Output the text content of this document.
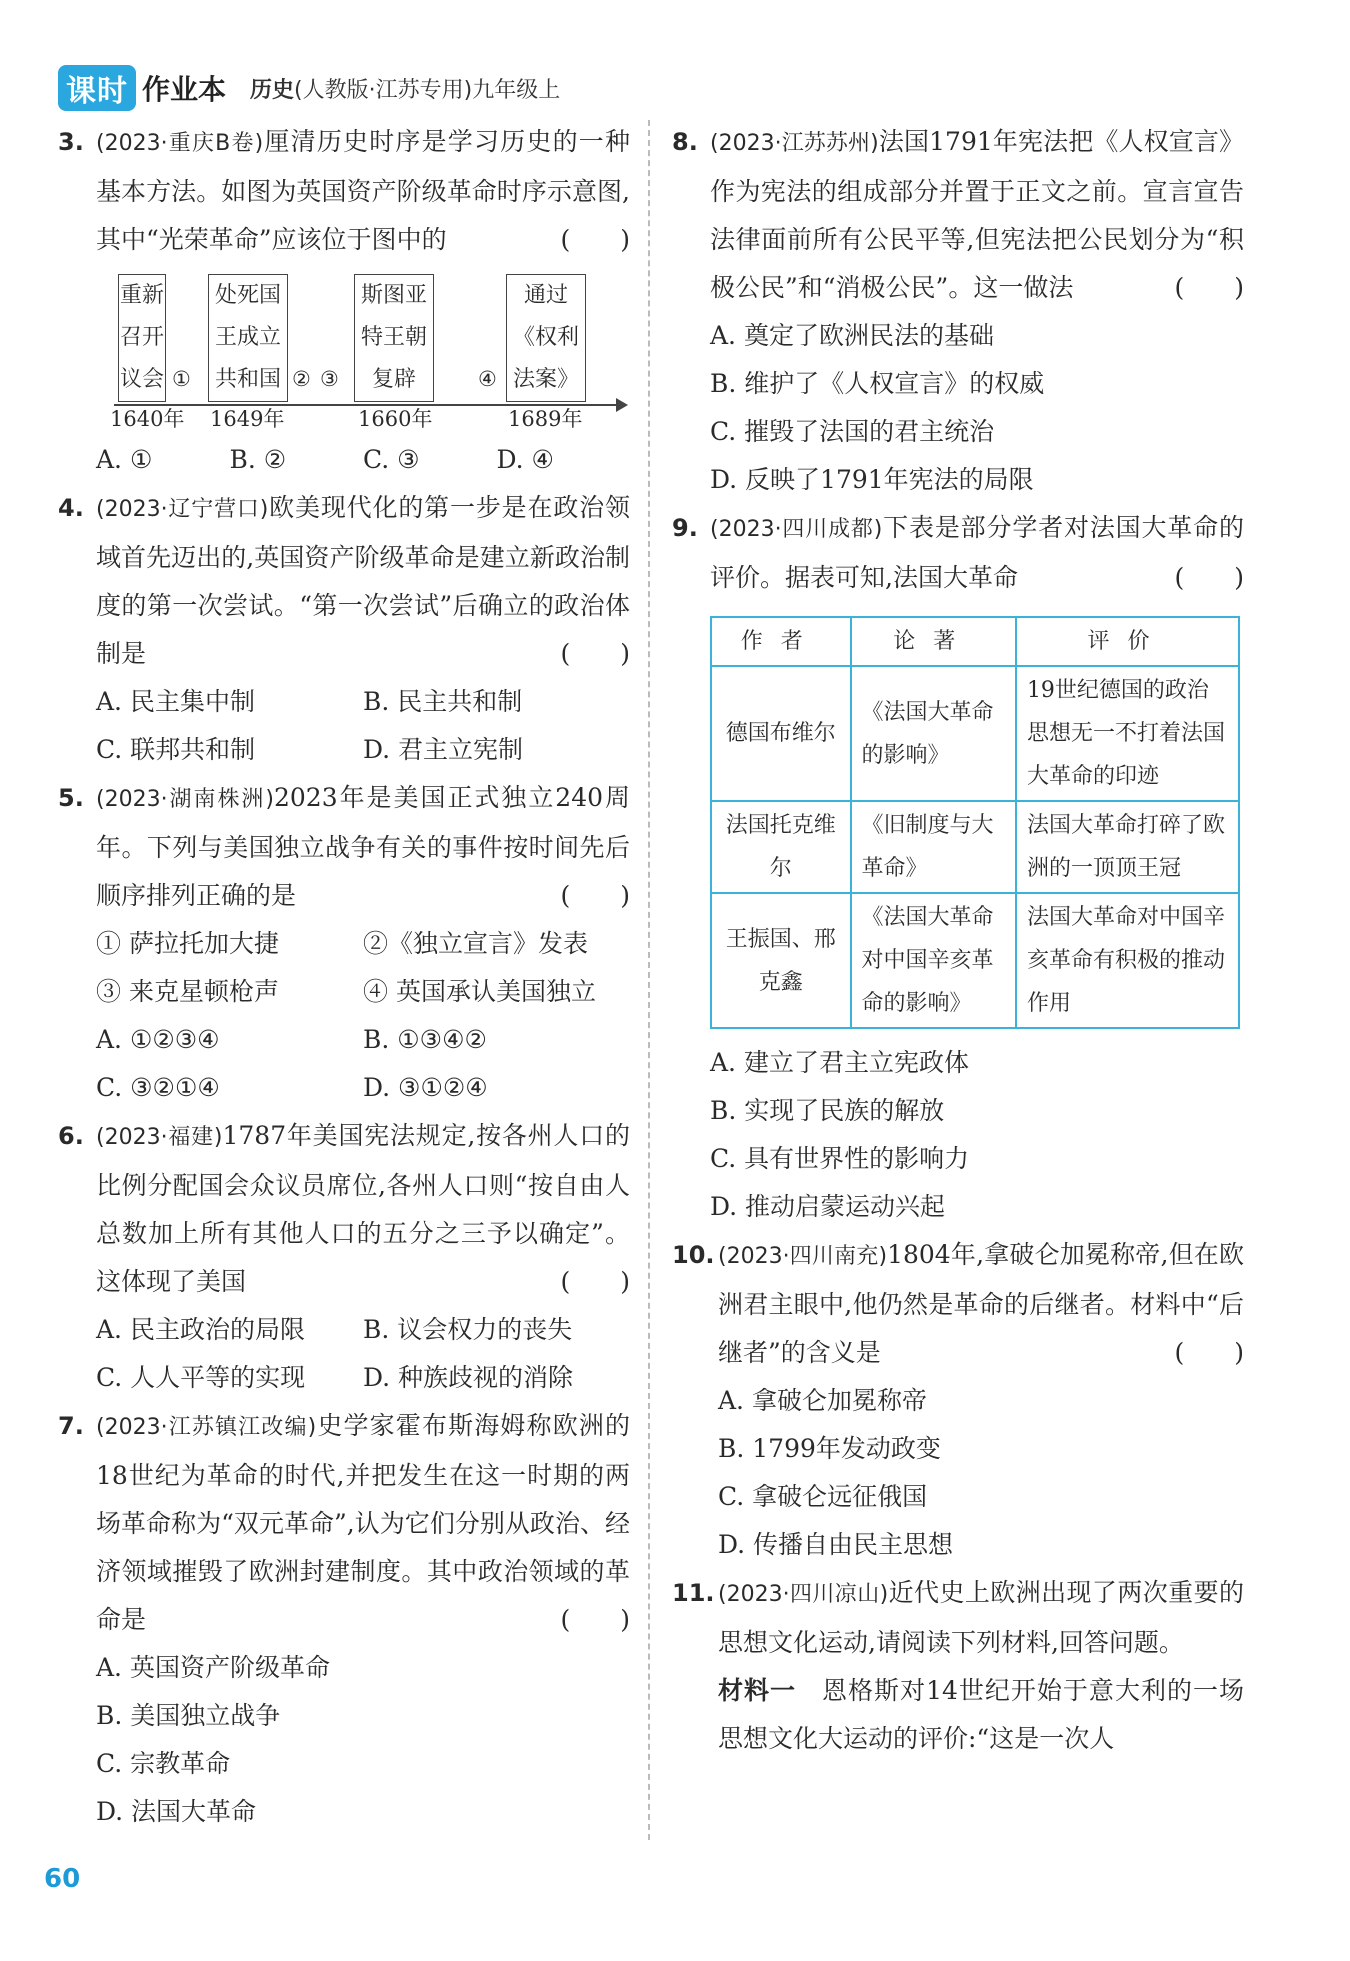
课时 作业本 历史(人教版·江苏专用)九年级上
3. (2023·重庆B卷)厘清历史时序是学习历史的一种基本方法。如图为英国资产阶级革命时序示意图,其中“光荣革命”应该位于图中的	(　　)

重新召开议会
处死国王成立共和国
斯图亚特王朝复辟
通过《权利法案》
①	② ③	④
1640年 1649年	1660年	1689年
A. ①	B. ②	C. ③	D. ④
4. (2023·辽宁营口)欧美现代化的第一步是在政治领域首先迈出的,英国资产阶级革命是建立新政治制度的第一次尝试。“第一次尝试”后确立的政治体制是	(　　)

A. 民主集中制	B. 民主共和制
C. 联邦共和制	D. 君主立宪制
5. (2023·湖南株洲)2023年是美国正式独立240周年。下列与美国独立战争有关的事件按时间先后顺序排列正确的是	(　　)

① 萨拉托加大捷	②《独立宣言》发表
③ 来克星顿枪声	④ 英国承认美国独立
A. ①②③④	B. ①③④②
C. ③②①④	D. ③①②④
6. (2023·福建)1787年美国宪法规定,按各州人口的比例分配国会众议员席位,各州人口则“按自由人总数加上所有其他人口的五分之三予以确定”。这体现了美国	(　　)

A. 民主政治的局限	B. 议会权力的丧失
C. 人人平等的实现	D. 种族歧视的消除
7. (2023·江苏镇江改编)史学家霍布斯海姆称欧洲的18世纪为革命的时代,并把发生在这一时期的两场革命称为“双元革命”,认为它们分别从政治、经济领域摧毁了欧洲封建制度。其中政治领域的革命是	(　　)

A. 英国资产阶级革命
B. 美国独立战争
C. 宗教革命
D. 法国大革命
8. (2023·江苏苏州)法国1791年宪法把《人权宣言》作为宪法的组成部分并置于正文之前。宣言宣告法律面前所有公民平等,但宪法把公民划分为“积极公民”和“消极公民”。这一做法	(　　)

A. 奠定了欧洲民法的基础
B. 维护了《人权宣言》的权威
C. 摧毁了法国的君主统治
D. 反映了1791年宪法的局限
9. (2023·四川成都)下表是部分学者对法国大革命的评价。据表可知,法国大革命	(　　)

作者	论著	评价
德国布维尔	《法国大革命的影响》	19世纪德国的政治思想无一不打着法国大革命的印迹
法国托克维尔	《旧制度与大革命》	法国大革命打碎了欧洲的一顶顶王冠
王振国、邢克鑫	《法国大革命对中国辛亥革命的影响》	法国大革命对中国辛亥革命有积极的推动作用
A. 建立了君主立宪政体
B. 实现了民族的解放
C. 具有世界性的影响力
D. 推动启蒙运动兴起
10. (2023·四川南充)1804年,拿破仑加冕称帝,但在欧洲君主眼中,他仍然是革命的后继者。材料中“后继者”的含义是	(　　)

A. 拿破仑加冕称帝
B. 1799年发动政变
C. 拿破仑远征俄国
D. 传播自由民主思想
11. (2023·四川凉山)近代史上欧洲出现了两次重要的思想文化运动,请阅读下列材料,回答问题。

材料一　 恩格斯对14世纪开始于意大利的一场思想文化大运动的评价:“这是一次人

60
